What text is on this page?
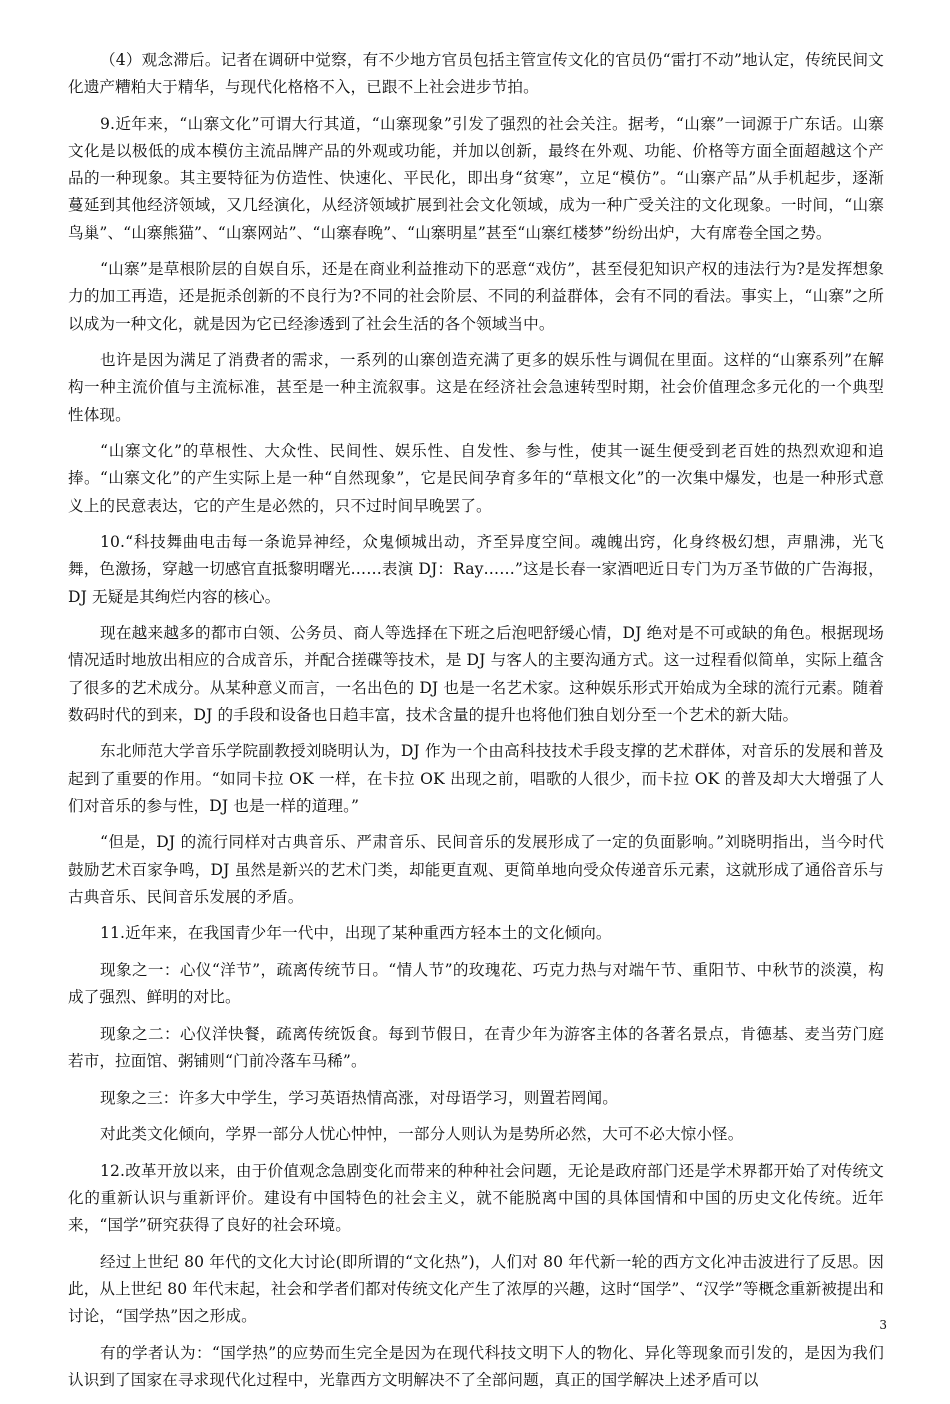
（4）观念滞后。记者在调研中觉察，有不少地方官员包括主管宣传文化的官员仍“雷打不动”地认定，传统民间文化遗产糟粕大于精华，与现代化格格不入，已跟不上社会进步节拍。

9.近年来，“山寨文化”可谓大行其道，“山寨现象”引发了强烈的社会关注。据考，“山寨”一词源于广东话。山寨文化是以极低的成本模仿主流品牌产品的外观或功能，并加以创新，最终在外观、功能、价格等方面全面超越这个产品的一种现象。其主要特征为仿造性、快速化、平民化，即出身“贫寒”，立足“模仿”。“山寨产品”从手机起步，逐渐蔓延到其他经济领域，又几经演化，从经济领域扩展到社会文化领域，成为一种广受关注的文化现象。一时间，“山寨鸟巢”、“山寨熊猫”、“山寨网站”、“山寨春晚”、“山寨明星”甚至“山寨红楼梦”纷纷出炉，大有席卷全国之势。

“山寨”是草根阶层的自娱自乐，还是在商业利益推动下的恶意“戏仿”，甚至侵犯知识产权的违法行为?是发挥想象力的加工再造，还是扼杀创新的不良行为?不同的社会阶层、不同的利益群体，会有不同的看法。事实上，“山寨”之所以成为一种文化，就是因为它已经渗透到了社会生活的各个领域当中。

也许是因为满足了消费者的需求，一系列的山寨创造充满了更多的娱乐性与调侃在里面。这样的“山寨系列”在解构一种主流价值与主流标准，甚至是一种主流叙事。这是在经济社会急速转型时期，社会价值理念多元化的一个典型性体现。

“山寨文化”的草根性、大众性、民间性、娱乐性、自发性、参与性，使其一诞生便受到老百姓的热烈欢迎和追捧。“山寨文化”的产生实际上是一种“自然现象”，它是民间孕育多年的“草根文化”的一次集中爆发，也是一种形式意义上的民意表达，它的产生是必然的，只不过时间早晚罢了。

10.“科技舞曲电击每一条诡异神经，众鬼倾城出动，齐至异度空间。魂魄出窍，化身终极幻想，声鼎沸，光飞舞，色激扬，穿越一切感官直抵黎明曙光……表演 DJ：Ray……”这是长春一家酒吧近日专门为万圣节做的广告海报，DJ 无疑是其绚烂内容的核心。

现在越来越多的都市白领、公务员、商人等选择在下班之后泡吧舒缓心情，DJ 绝对是不可或缺的角色。根据现场情况适时地放出相应的合成音乐，并配合搓碟等技术，是 DJ 与客人的主要沟通方式。这一过程看似简单，实际上蕴含了很多的艺术成分。从某种意义而言，一名出色的 DJ 也是一名艺术家。这种娱乐形式开始成为全球的流行元素。随着数码时代的到来，DJ 的手段和设备也日趋丰富，技术含量的提升也将他们独自划分至一个艺术的新大陆。

东北师范大学音乐学院副教授刘晓明认为，DJ 作为一个由高科技技术手段支撑的艺术群体，对音乐的发展和普及起到了重要的作用。“如同卡拉 OK 一样，在卡拉 OK 出现之前，唱歌的人很少，而卡拉 OK 的普及却大大增强了人们对音乐的参与性，DJ 也是一样的道理。”

“但是，DJ 的流行同样对古典音乐、严肃音乐、民间音乐的发展形成了一定的负面影响。”刘晓明指出，当今时代鼓励艺术百家争鸣，DJ 虽然是新兴的艺术门类，却能更直观、更简单地向受众传递音乐元素，这就形成了通俗音乐与古典音乐、民间音乐发展的矛盾。

11.近年来，在我国青少年一代中，出现了某种重西方轻本土的文化倾向。

现象之一：心仪“洋节”，疏离传统节日。“情人节”的玫瑰花、巧克力热与对端午节、重阳节、中秋节的淡漠，构成了强烈、鲜明的对比。

现象之二：心仪洋快餐，疏离传统饭食。每到节假日，在青少年为游客主体的各著名景点，肯德基、麦当劳门庭若市，拉面馆、粥铺则“门前冷落车马稀”。

现象之三：许多大中学生，学习英语热情高涨，对母语学习，则置若罔闻。

对此类文化倾向，学界一部分人忧心忡忡，一部分人则认为是势所必然，大可不必大惊小怪。

12.改革开放以来，由于价值观念急剧变化而带来的种种社会问题，无论是政府部门还是学术界都开始了对传统文化的重新认识与重新评价。建设有中国特色的社会主义，就不能脱离中国的具体国情和中国的历史文化传统。近年来，“国学”研究获得了良好的社会环境。

经过上世纪 80 年代的文化大讨论(即所谓的“文化热”)，人们对 80 年代新一轮的西方文化冲击波进行了反思。因此，从上世纪 80 年代末起，社会和学者们都对传统文化产生了浓厚的兴趣，这时“国学”、“汉学”等概念重新被提出和讨论，“国学热”因之形成。

有的学者认为：“国学热”的应势而生完全是因为在现代科技文明下人的物化、异化等现象而引发的，是因为我们认识到了国家在寻求现代化过程中，光靠西方文明解决不了全部问题，真正的国学解决上述矛盾可以

3
